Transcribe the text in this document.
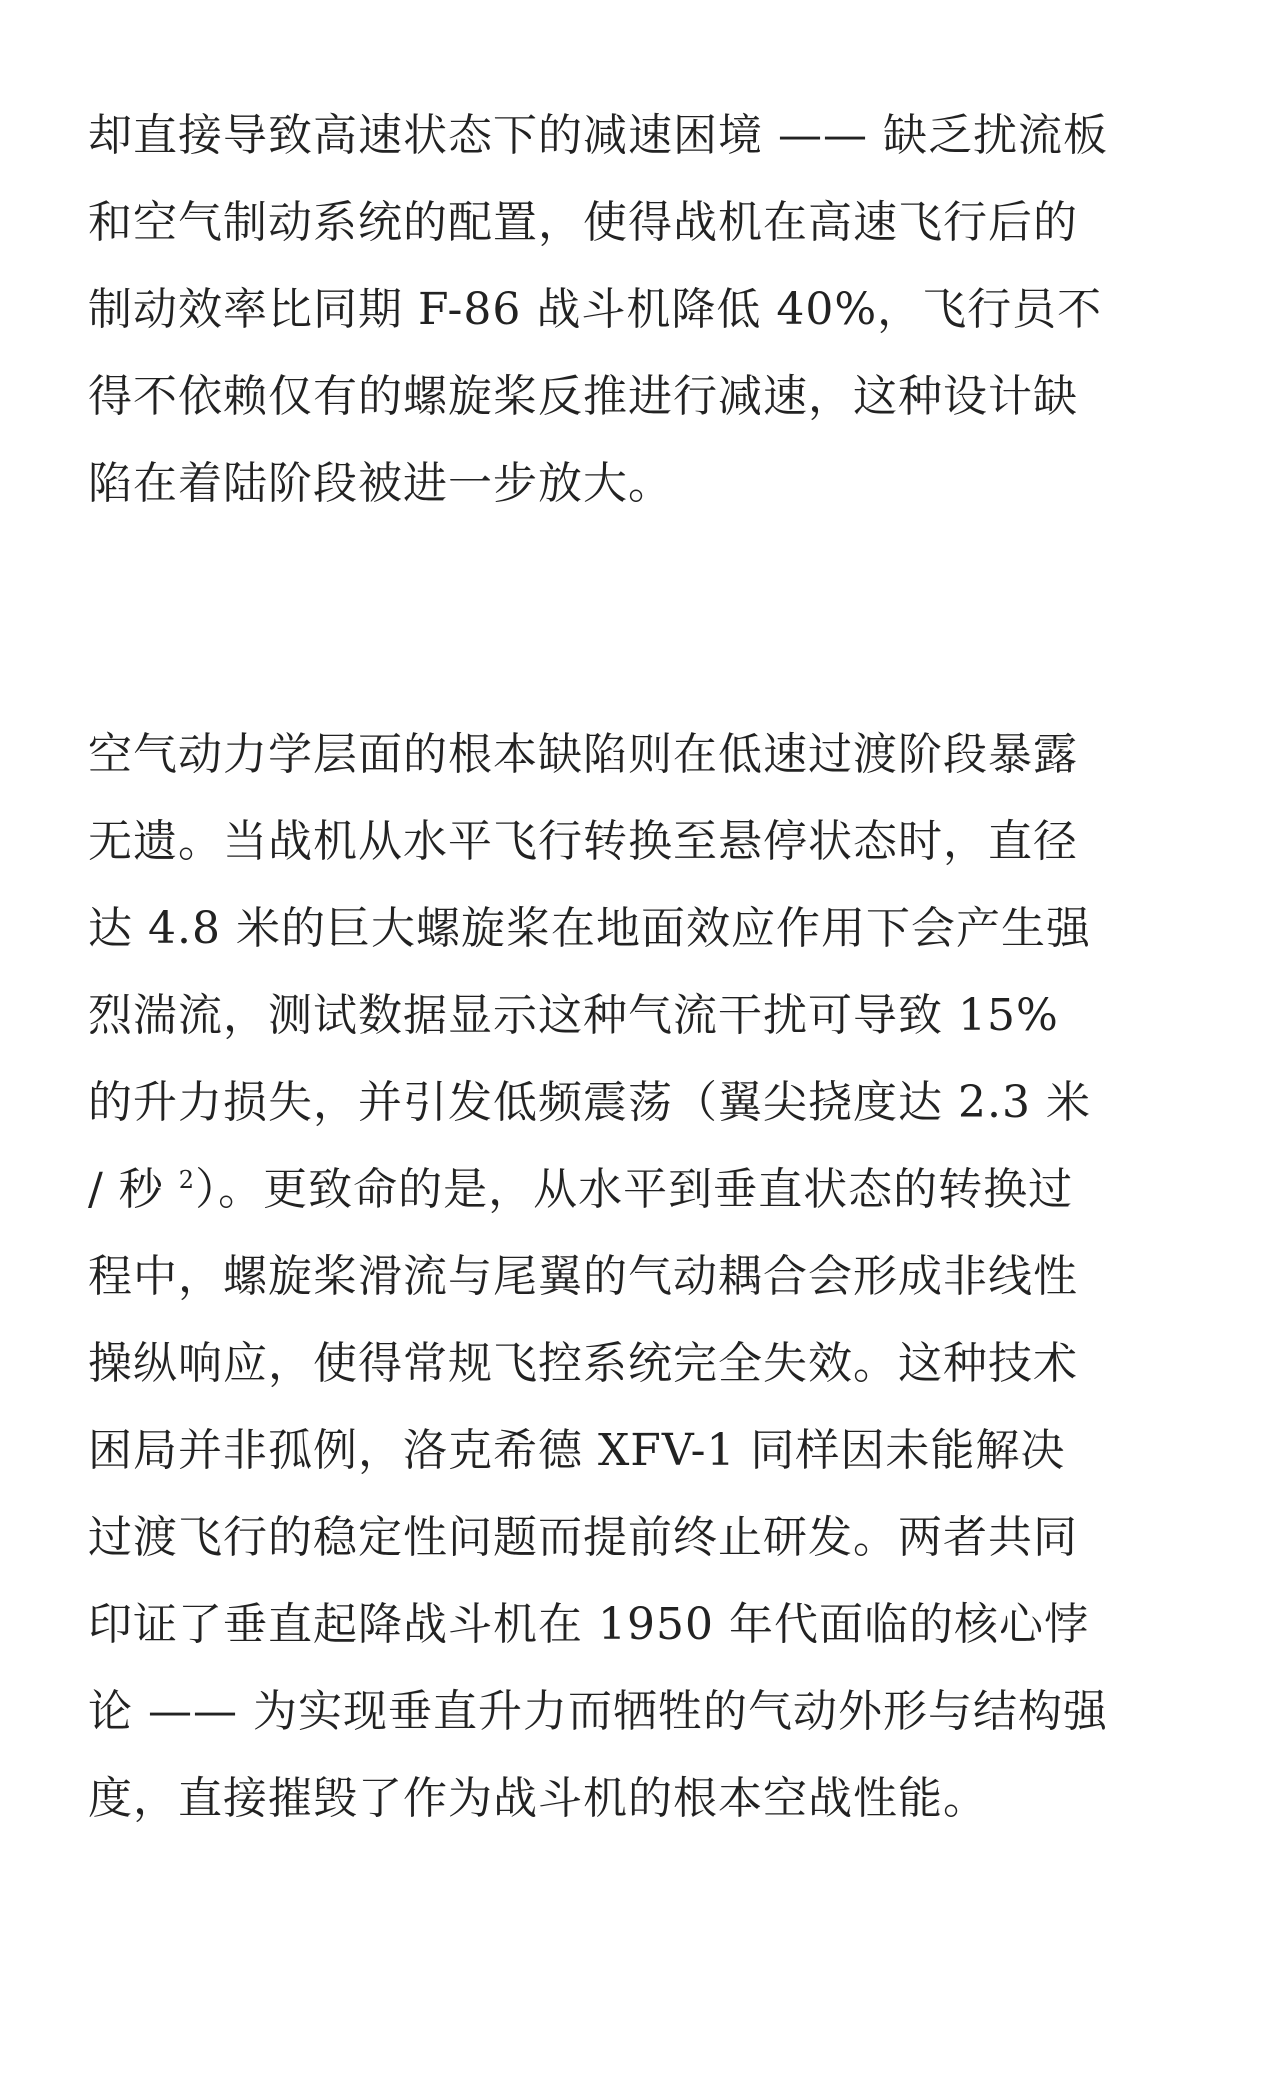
却直接导致高速状态下的减速困境 —— 缺乏扰流板
和空气制动系统的配置，使得战机在高速飞行后的
制动效率比同期 F-86 战斗机降低 40%，飞行员不
得不依赖仅有的螺旋桨反推进行减速，这种设计缺
陷在着陆阶段被进一步放大。

空气动力学层面的根本缺陷则在低速过渡阶段暴露
无遗。当战机从水平飞行转换至悬停状态时，直径
达 4.8 米的巨大螺旋桨在地面效应作用下会产生强
烈湍流，测试数据显示这种气流干扰可导致 15%
的升力损失，并引发低频震荡（翼尖挠度达 2.3 米
/ 秒 $^2$）。更致命的是，从水平到垂直状态的转换过
程中，螺旋桨滑流与尾翼的气动耦合会形成非线性
操纵响应，使得常规飞控系统完全失效。这种技术
困局并非孤例，洛克希德 XFV-1 同样因未能解决
过渡飞行的稳定性问题而提前终止研发。两者共同
印证了垂直起降战斗机在 1950 年代面临的核心悖
论 —— 为实现垂直升力而牺牲的气动外形与结构强
度，直接摧毁了作为战斗机的根本空战性能。
